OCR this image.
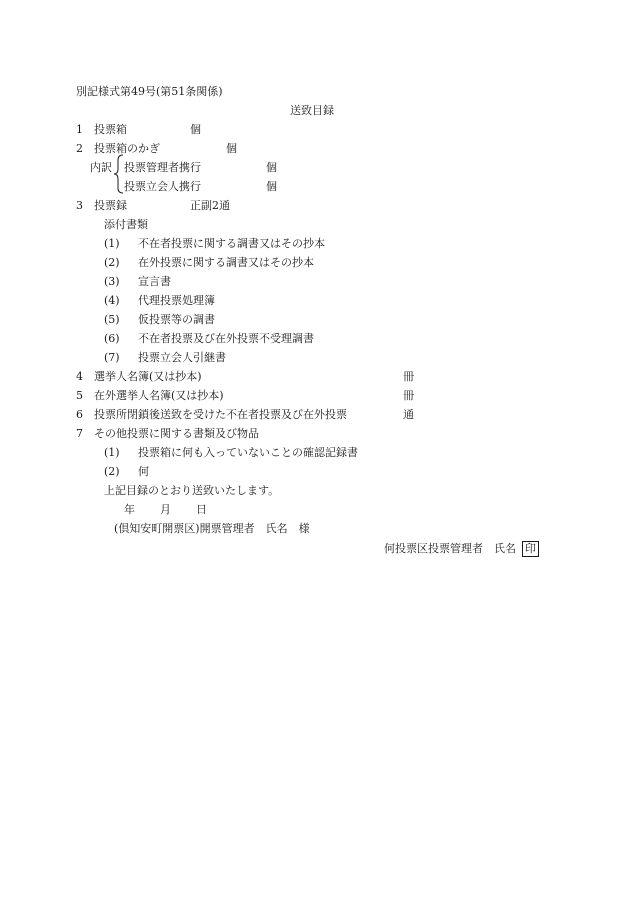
別記様式第49号(第51条関係)
送致目録
1 投票箱	個
2 投票箱のかぎ	個
内訳 投票管理者携行	個
投票立会人携行	個
3 投票録	正副2通
添付書類
(1) 不在者投票に関する調書又はその抄本
(2) 在外投票に関する調書又はその抄本
(3) 宣言書
(4) 代理投票処理簿
(5) 仮投票等の調書
(6) 不在者投票及び在外投票不受理調書
(7) 投票立会人引継書
4 選挙人名簿(又は抄本)	冊
5 在外選挙人名簿(又は抄本)	冊
6 投票所閉鎖後送致を受けた不在者投票及び在外投票	通
7 その他投票に関する書類及び物品
(1) 投票箱に何も入っていないことの確認記録書
(2) 何
上記目録のとおり送致いたします。
年 月 日
(倶知安町開票区)開票管理者　氏名　様
何投票区投票管理者　氏名 印
